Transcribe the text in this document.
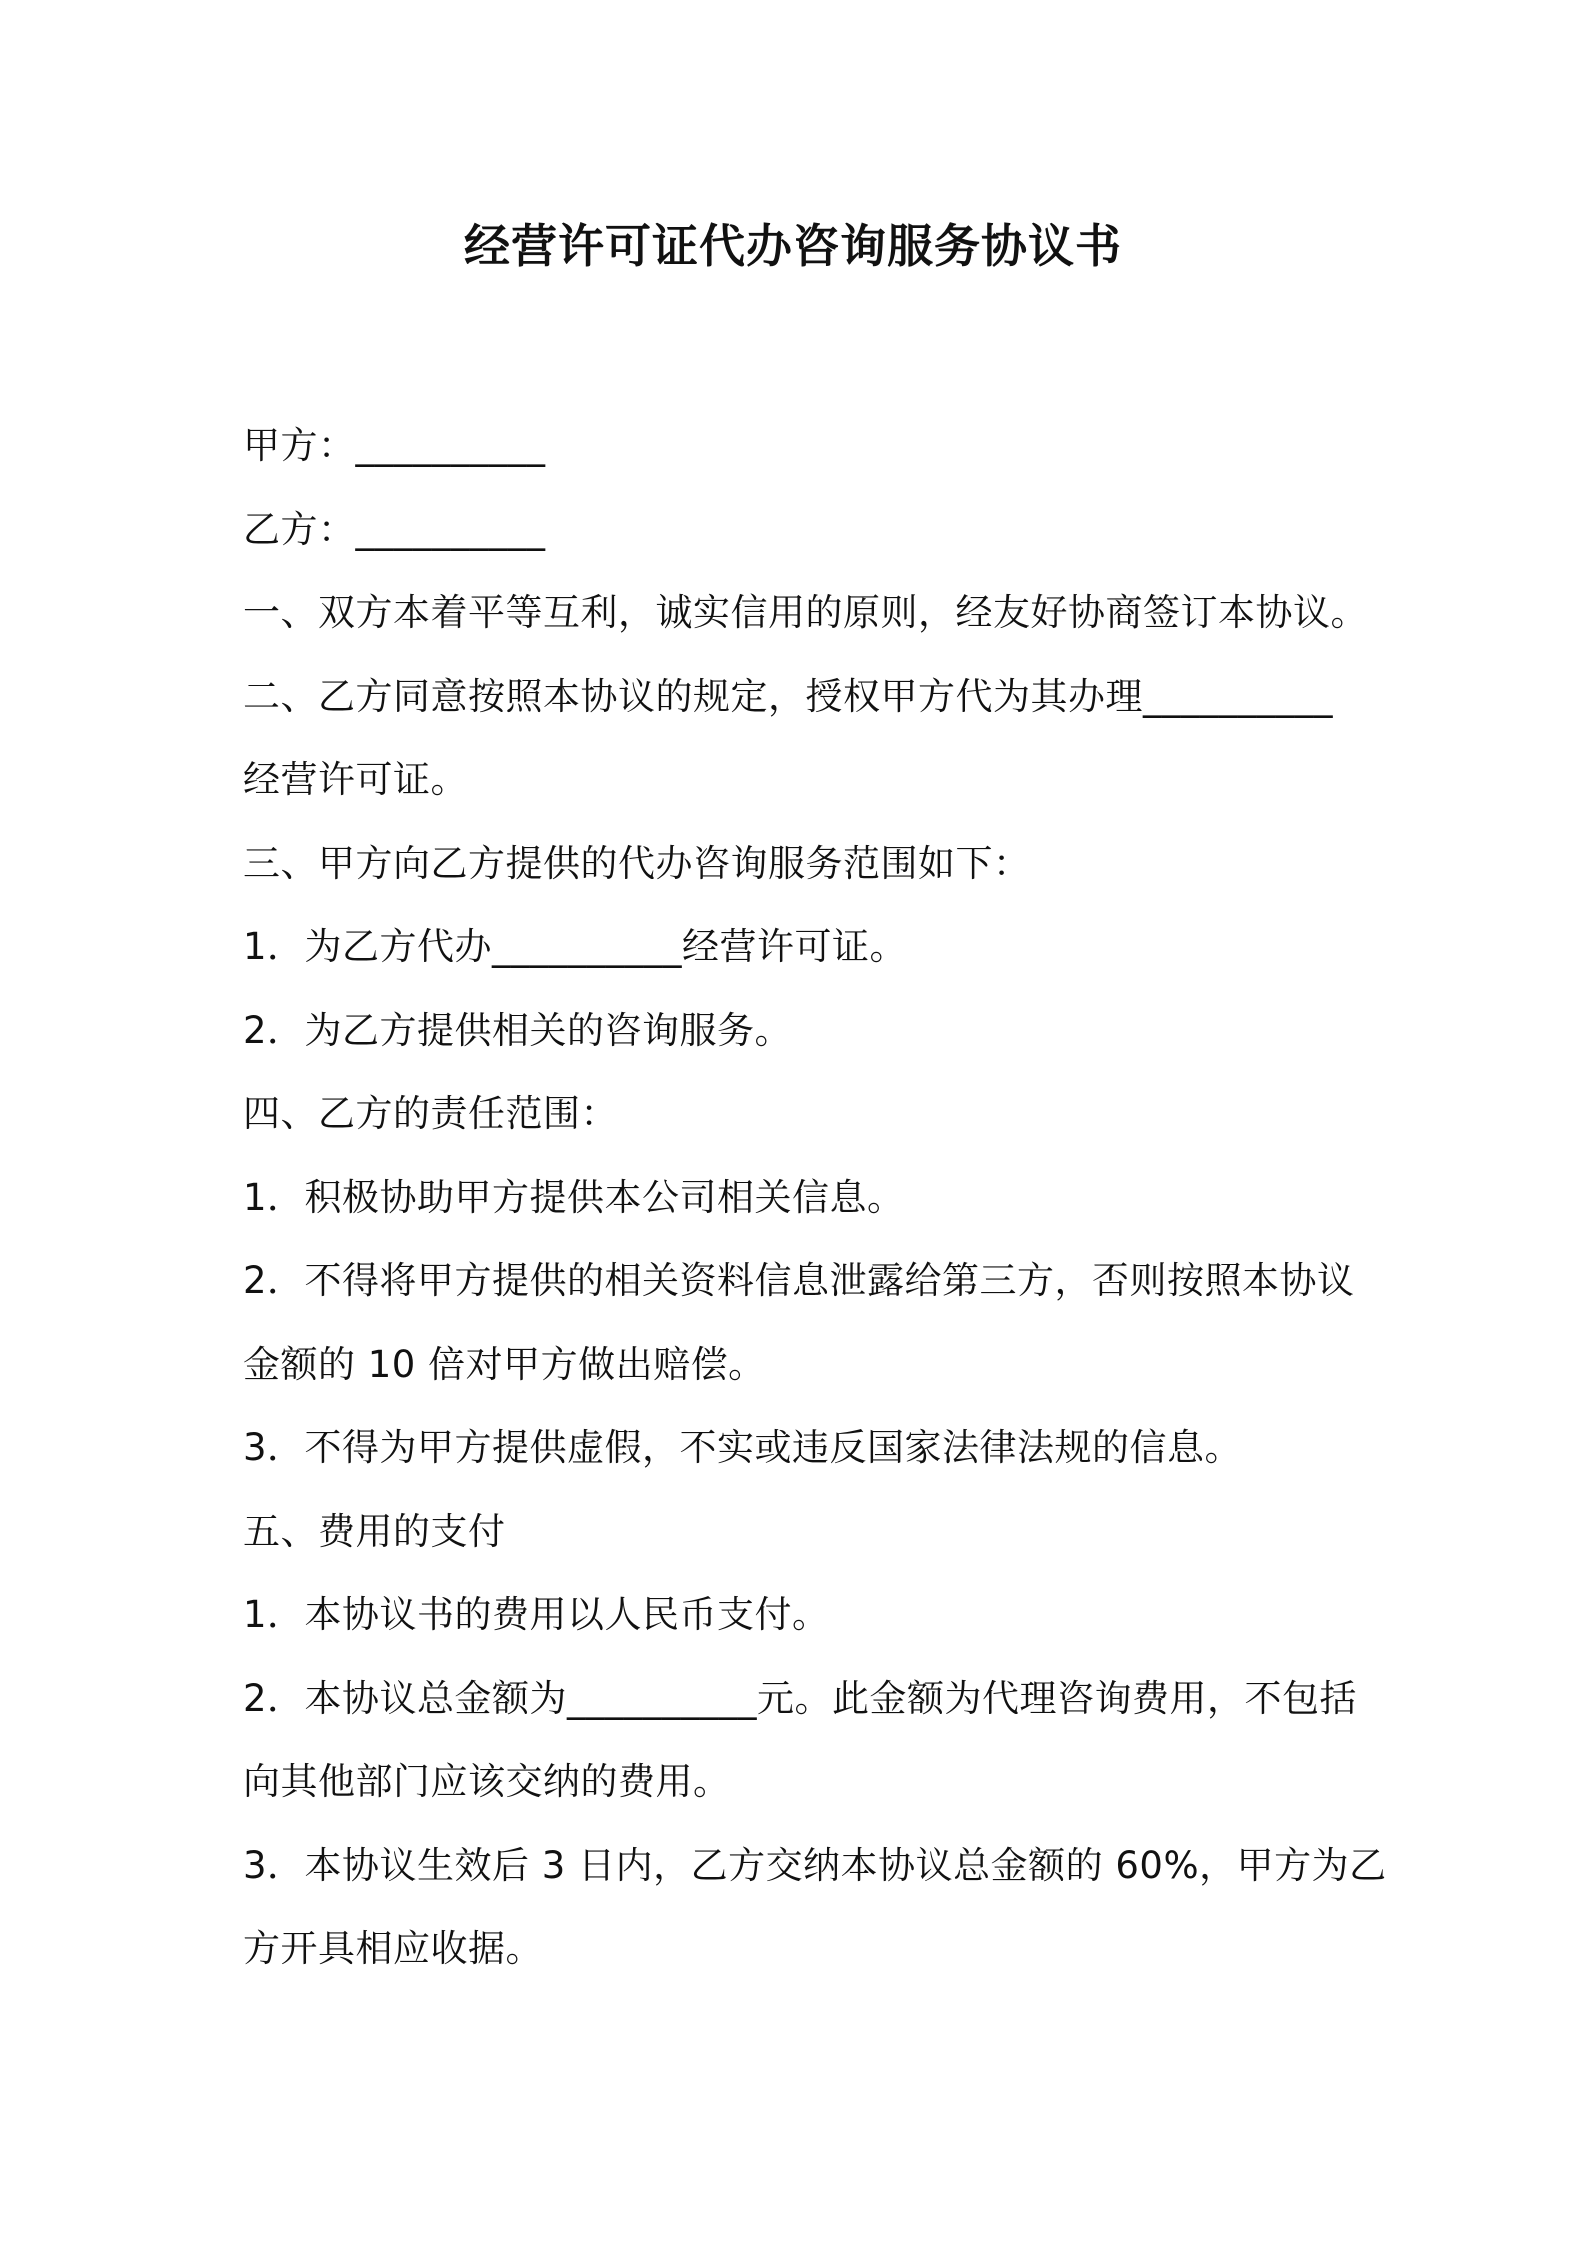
经营许可证代办咨询服务协议书
甲方：__________
乙方：__________
一、双方本着平等互利，诚实信用的原则，经友好协商签订本协议。
二、乙方同意按照本协议的规定，授权甲方代为其办理__________
经营许可证。
三、甲方向乙方提供的代办咨询服务范围如下：
1．为乙方代办__________经营许可证。
2．为乙方提供相关的咨询服务。
四、乙方的责任范围：
1．积极协助甲方提供本公司相关信息。
2．不得将甲方提供的相关资料信息泄露给第三方，否则按照本协议
金额的 10 倍对甲方做出赔偿。
3．不得为甲方提供虚假，不实或违反国家法律法规的信息。
五、费用的支付
1．本协议书的费用以人民币支付。
2．本协议总金额为__________元。此金额为代理咨询费用，不包括
向其他部门应该交纳的费用。
3．本协议生效后 3 日内，乙方交纳本协议总金额的 60%，甲方为乙
方开具相应收据。
